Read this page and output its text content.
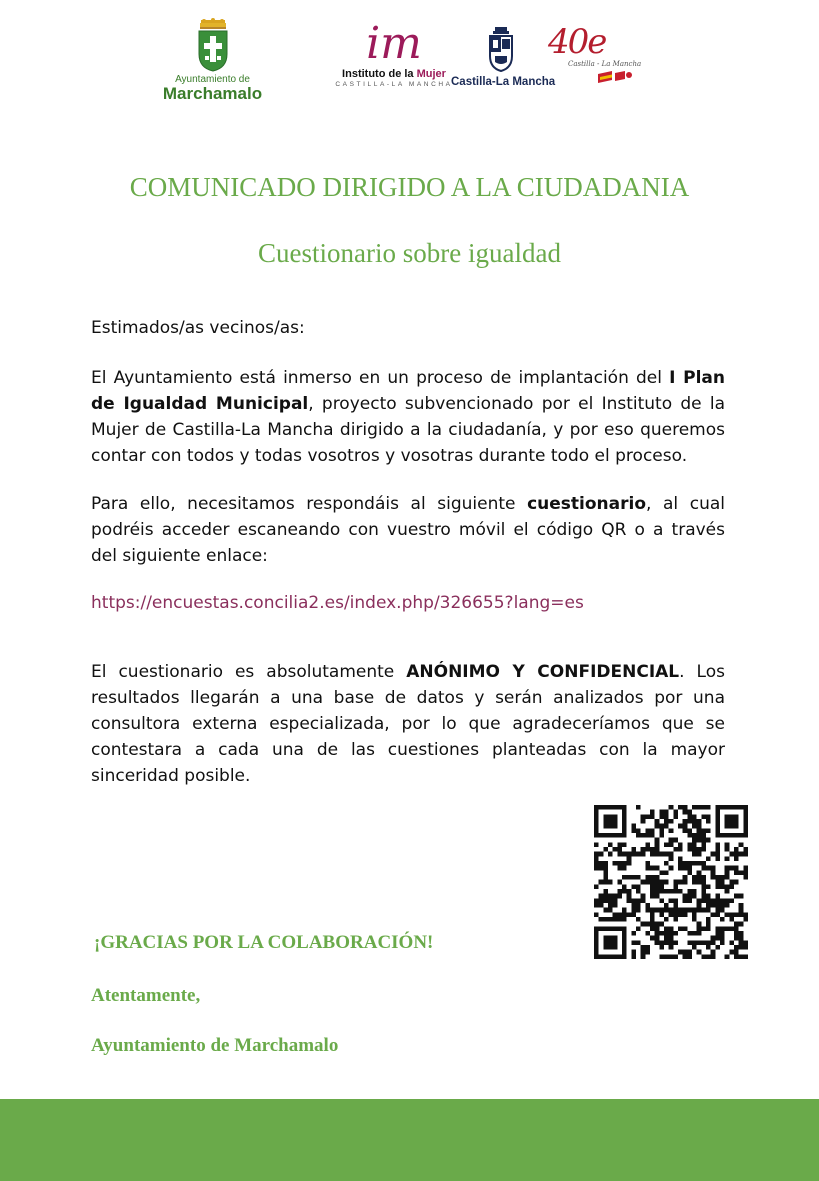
Ayuntamiento de
Marchamalo
im
Instituto de la Mujer
CASTILLA-LA MANCHA
Castilla-La Mancha
40e
Castilla - La Mancha
COMUNICADO DIRIGIDO A LA CIUDADANIA
Cuestionario sobre igualdad
Estimados/as vecinos/as:
El Ayuntamiento está inmerso en un proceso de implantación del I Plan de Igualdad Municipal, proyecto subvencionado por el Instituto de la Mujer de Castilla-La Mancha dirigido a la ciudadanía, y por eso queremos contar con todos y todas vosotros y vosotras durante todo el proceso.
Para ello, necesitamos respondáis al siguiente cuestionario, al cual podréis acceder escaneando con vuestro móvil el código QR o a través del siguiente enlace:
https://encuestas.concilia2.es/index.php/326655?lang=es
El cuestionario es absolutamente ANÓNIMO Y CONFIDENCIAL. Los resultados llegarán a una base de datos y serán analizados por una consultora externa especializada, por lo que agradeceríamos que se contestara a cada una de las cuestiones planteadas con la mayor sinceridad posible.
¡GRACIAS POR LA COLABORACIÓN!
Atentamente,
Ayuntamiento de Marchamalo
